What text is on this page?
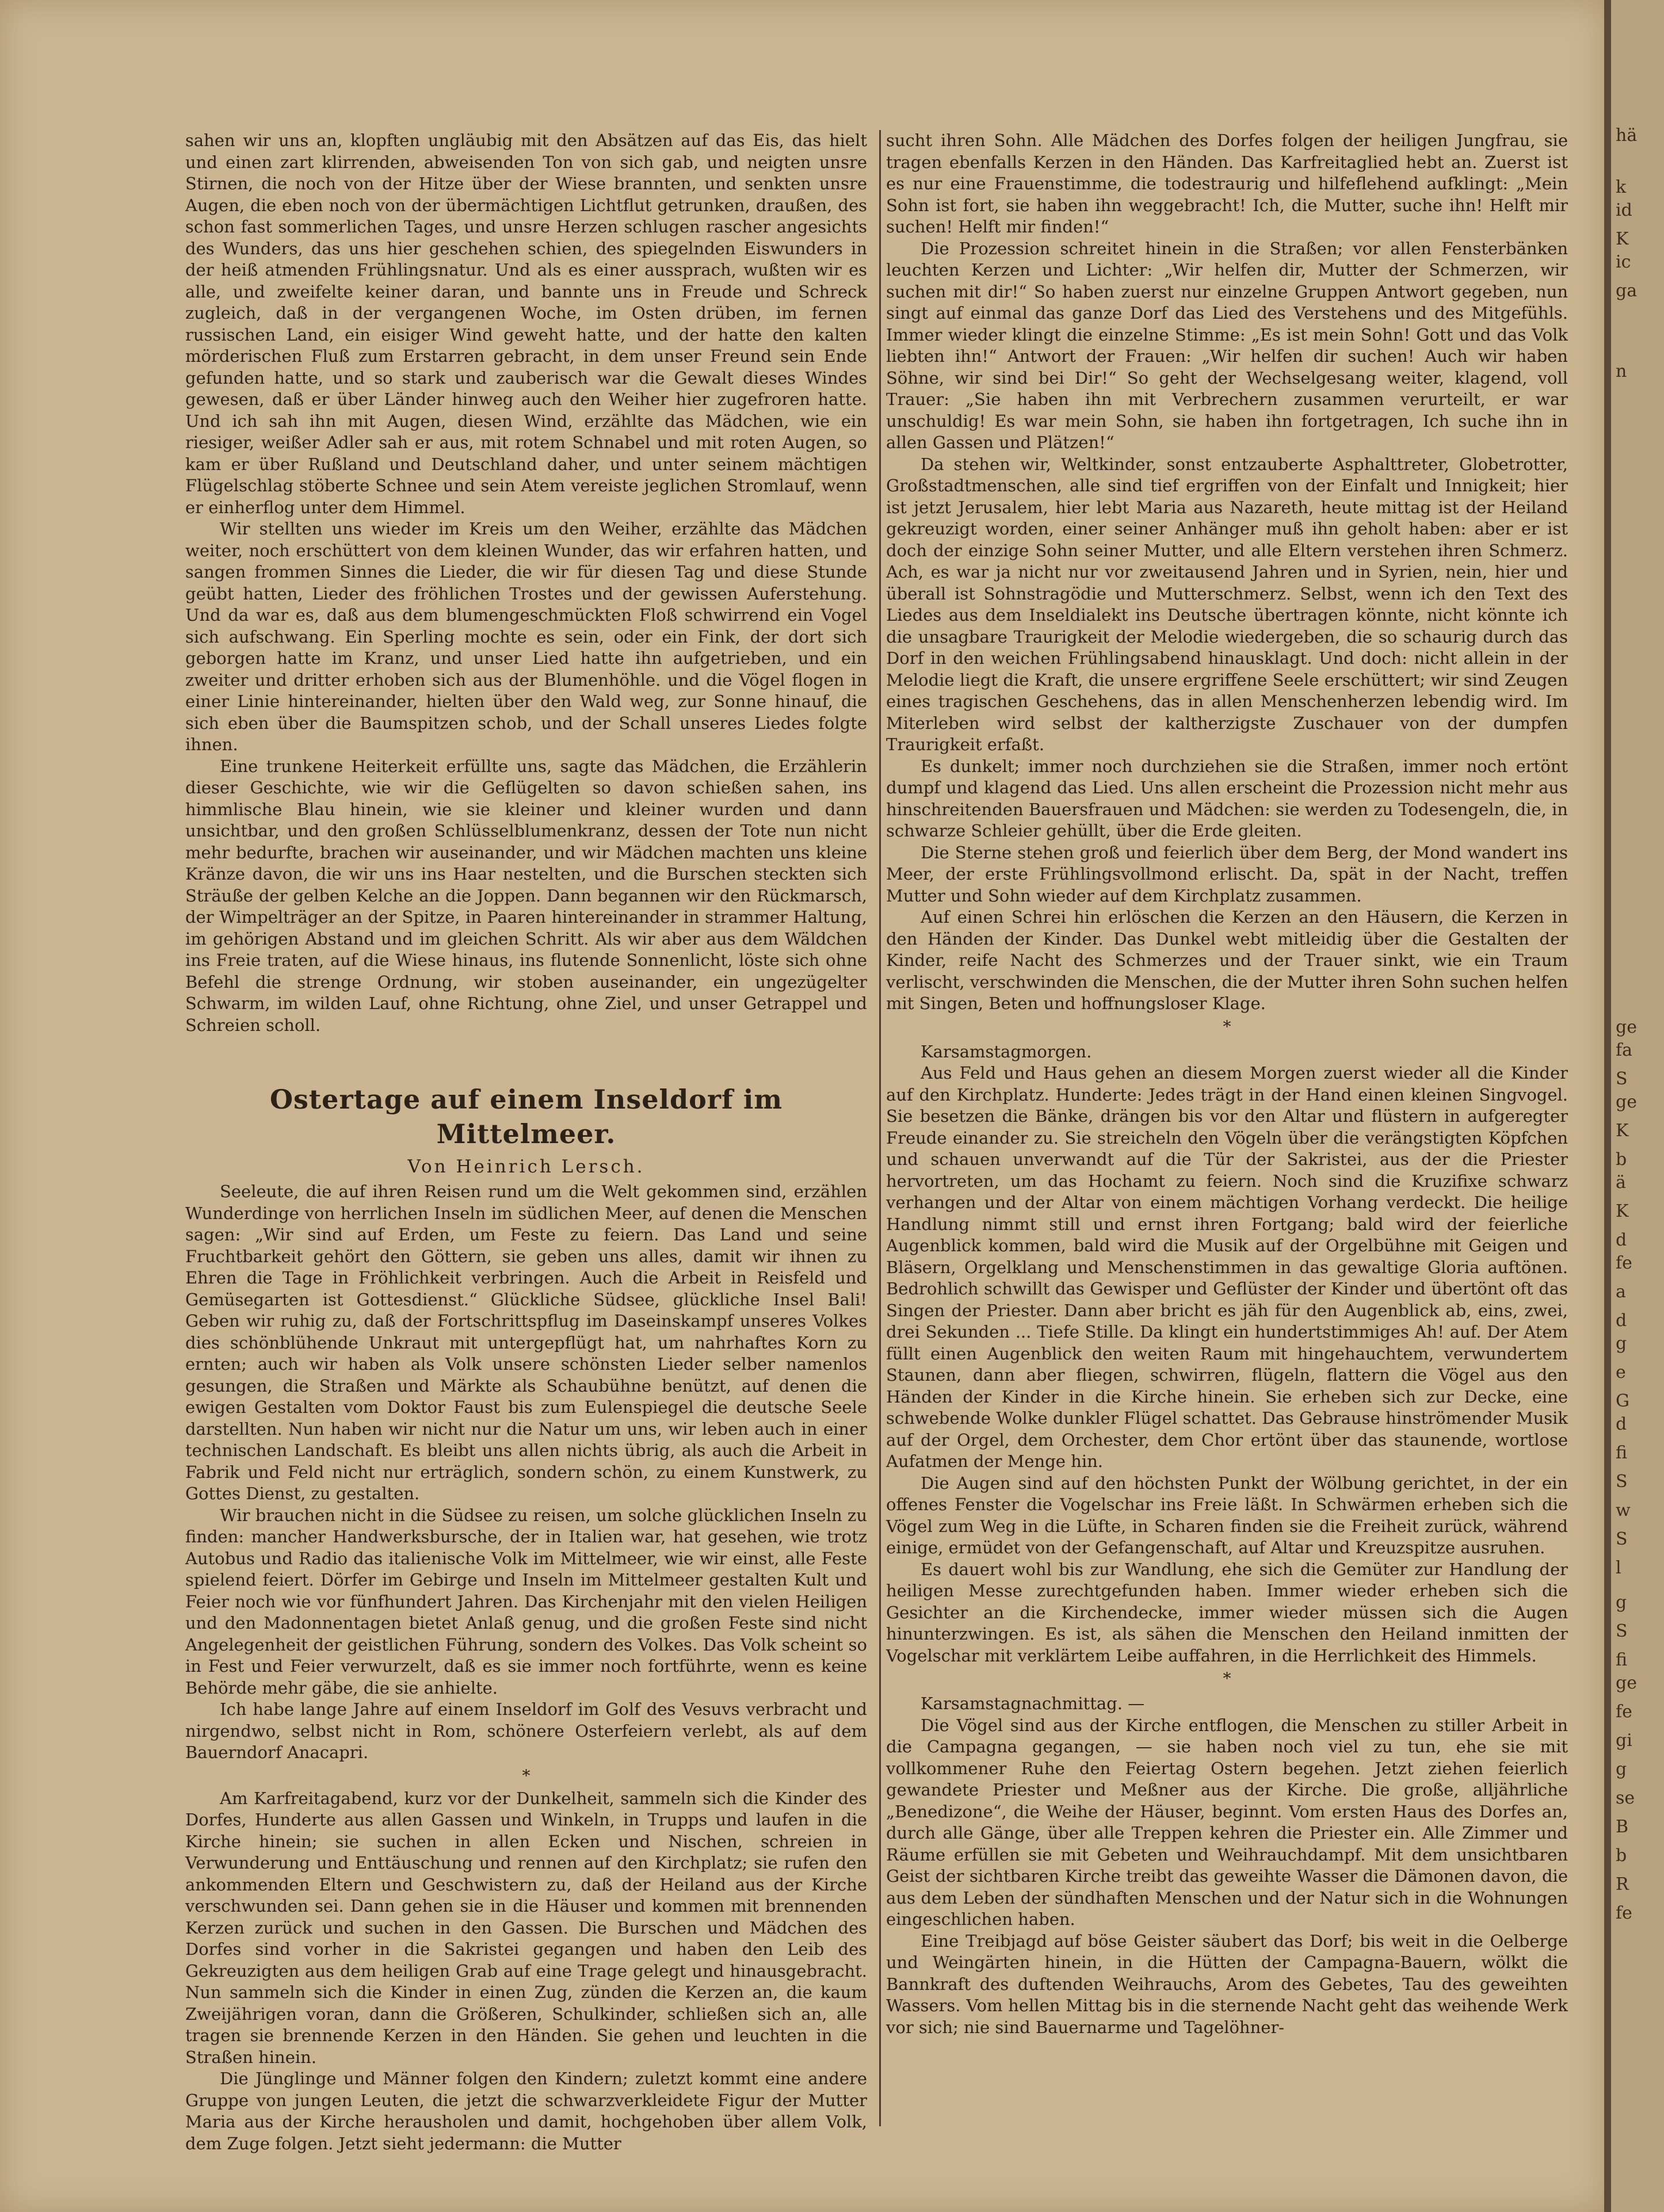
sahen wir uns an, klopften ungläubig mit den Absätzen auf das Eis, das hielt und einen zart klirrenden, abweisenden Ton von sich gab, und neigten unsre Stirnen, die noch von der Hitze über der Wiese brannten, und senkten unsre Augen, die eben noch von der übermächtigen Lichtflut getrunken, draußen, des schon fast sommerlichen Tages, und unsre Herzen schlugen rascher angesichts des Wunders, das uns hier geschehen schien, des spiegelnden Eiswunders in der heiß atmenden Frühlingsnatur. Und als es einer aussprach, wußten wir es alle, und zweifelte keiner daran, und bannte uns in Freude und Schreck zugleich, daß in der vergangenen Woche, im Osten drüben, im fernen russischen Land, ein eisiger Wind geweht hatte, und der hatte den kalten mörderischen Fluß zum Erstarren gebracht, in dem unser Freund sein Ende gefunden hatte, und so stark und zauberisch war die Gewalt dieses Windes gewesen, daß er über Länder hinweg auch den Weiher hier zugefroren hatte. Und ich sah ihn mit Augen, diesen Wind, erzählte das Mädchen, wie ein riesiger, weißer Adler sah er aus, mit rotem Schnabel und mit roten Augen, so kam er über Rußland und Deutschland daher, und unter seinem mächtigen Flügelschlag stöberte Schnee und sein Atem vereiste jeglichen Stromlauf, wenn er einherflog unter dem Himmel.

Wir stellten uns wieder im Kreis um den Weiher, erzählte das Mädchen weiter, noch erschüttert von dem kleinen Wunder, das wir erfahren hatten, und sangen frommen Sinnes die Lieder, die wir für diesen Tag und diese Stunde geübt hatten, Lieder des fröhlichen Trostes und der gewissen Auferstehung. Und da war es, daß aus dem blumengeschmückten Floß schwirrend ein Vogel sich aufschwang. Ein Sperling mochte es sein, oder ein Fink, der dort sich geborgen hatte im Kranz, und unser Lied hatte ihn aufgetrieben, und ein zweiter und dritter erhoben sich aus der Blumenhöhle. und die Vögel flogen in einer Linie hintereinander, hielten über den Wald weg, zur Sonne hinauf, die sich eben über die Baumspitzen schob, und der Schall unseres Liedes folgte ihnen.

Eine trunkene Heiterkeit erfüllte uns, sagte das Mädchen, die Erzählerin dieser Geschichte, wie wir die Geflügelten so davon schießen sahen, ins himmlische Blau hinein, wie sie kleiner und kleiner wurden und dann unsichtbar, und den großen Schlüsselblumenkranz, dessen der Tote nun nicht mehr bedurfte, brachen wir auseinander, und wir Mädchen machten uns kleine Kränze davon, die wir uns ins Haar nestelten, und die Burschen steckten sich Sträuße der gelben Kelche an die Joppen. Dann begannen wir den Rückmarsch, der Wimpelträger an der Spitze, in Paaren hintereinander in strammer Haltung, im gehörigen Abstand und im gleichen Schritt. Als wir aber aus dem Wäldchen ins Freie traten, auf die Wiese hinaus, ins flutende Sonnenlicht, löste sich ohne Befehl die strenge Ordnung, wir stoben auseinander, ein ungezügelter Schwarm, im wilden Lauf, ohne Richtung, ohne Ziel, und unser Getrappel und Schreien scholl.

Ostertage auf einem Inseldorf im Mittelmeer.
Von Heinrich Lersch.

Seeleute, die auf ihren Reisen rund um die Welt gekommen sind, erzählen Wunderdinge von herrlichen Inseln im südlichen Meer, auf denen die Menschen sagen: „Wir sind auf Erden, um Feste zu feiern. Das Land und seine Fruchtbarkeit gehört den Göttern, sie geben uns alles, damit wir ihnen zu Ehren die Tage in Fröhlichkeit verbringen. Auch die Arbeit in Reisfeld und Gemüsegarten ist Gottesdienst.“ Glückliche Südsee, glückliche Insel Bali! Geben wir ruhig zu, daß der Fortschrittspflug im Daseinskampf unseres Volkes dies schönblühende Unkraut mit untergepflügt hat, um nahrhaftes Korn zu ernten; auch wir haben als Volk unsere schönsten Lieder selber namenlos gesungen, die Straßen und Märkte als Schaubühne benützt, auf denen die ewigen Gestalten vom Doktor Faust bis zum Eulenspiegel die deutsche Seele darstellten. Nun haben wir nicht nur die Natur um uns, wir leben auch in einer technischen Landschaft. Es bleibt uns allen nichts übrig, als auch die Arbeit in Fabrik und Feld nicht nur erträglich, sondern schön, zu einem Kunstwerk, zu Gottes Dienst, zu gestalten.

Wir brauchen nicht in die Südsee zu reisen, um solche glücklichen Inseln zu finden: mancher Handwerksbursche, der in Italien war, hat gesehen, wie trotz Autobus und Radio das italienische Volk im Mittelmeer, wie wir einst, alle Feste spielend feiert. Dörfer im Gebirge und Inseln im Mittelmeer gestalten Kult und Feier noch wie vor fünfhundert Jahren. Das Kirchenjahr mit den vielen Heiligen und den Madonnentagen bietet Anlaß genug, und die großen Feste sind nicht Angelegenheit der geistlichen Führung, sondern des Volkes. Das Volk scheint so in Fest und Feier verwurzelt, daß es sie immer noch fortführte, wenn es keine Behörde mehr gäbe, die sie anhielte.

Ich habe lange Jahre auf einem Inseldorf im Golf des Vesuvs verbracht und nirgendwo, selbst nicht in Rom, schönere Osterfeiern verlebt, als auf dem Bauerndorf Anacapri.

*

Am Karfreitagabend, kurz vor der Dunkelheit, sammeln sich die Kinder des Dorfes, Hunderte aus allen Gassen und Winkeln, in Trupps und laufen in die Kirche hinein; sie suchen in allen Ecken und Nischen, schreien in Verwunderung und Enttäuschung und rennen auf den Kirchplatz; sie rufen den ankommenden Eltern und Geschwistern zu, daß der Heiland aus der Kirche verschwunden sei. Dann gehen sie in die Häuser und kommen mit brennenden Kerzen zurück und suchen in den Gassen. Die Burschen und Mädchen des Dorfes sind vorher in die Sakristei gegangen und haben den Leib des Gekreuzigten aus dem heiligen Grab auf eine Trage gelegt und hinausgebracht. Nun sammeln sich die Kinder in einen Zug, zünden die Kerzen an, die kaum Zweijährigen voran, dann die Größeren, Schulkinder, schließen sich an, alle tragen sie brennende Kerzen in den Händen. Sie gehen und leuchten in die Straßen hinein.

Die Jünglinge und Männer folgen den Kindern; zuletzt kommt eine andere Gruppe von jungen Leuten, die jetzt die schwarzverkleidete Figur der Mutter Maria aus der Kirche herausholen und damit, hochgehoben über allem Volk, dem Zuge folgen. Jetzt sieht jedermann: die Mutter

sucht ihren Sohn. Alle Mädchen des Dorfes folgen der heiligen Jungfrau, sie tragen ebenfalls Kerzen in den Händen. Das Karfreitaglied hebt an. Zuerst ist es nur eine Frauenstimme, die todestraurig und hilfeflehend aufklingt: „Mein Sohn ist fort, sie haben ihn weggebracht! Ich, die Mutter, suche ihn! Helft mir suchen! Helft mir finden!“

Die Prozession schreitet hinein in die Straßen; vor allen Fensterbänken leuchten Kerzen und Lichter: „Wir helfen dir, Mutter der Schmerzen, wir suchen mit dir!“ So haben zuerst nur einzelne Gruppen Antwort gegeben, nun singt auf einmal das ganze Dorf das Lied des Verstehens und des Mitgefühls. Immer wieder klingt die einzelne Stimme: „Es ist mein Sohn! Gott und das Volk liebten ihn!“ Antwort der Frauen: „Wir helfen dir suchen! Auch wir haben Söhne, wir sind bei Dir!“ So geht der Wechselgesang weiter, klagend, voll Trauer: „Sie haben ihn mit Verbrechern zusammen verurteilt, er war unschuldig! Es war mein Sohn, sie haben ihn fortgetragen, Ich suche ihn in allen Gassen und Plätzen!“

Da stehen wir, Weltkinder, sonst entzauberte Asphalttreter, Globetrotter, Großstadtmenschen, alle sind tief ergriffen von der Einfalt und Innigkeit; hier ist jetzt Jerusalem, hier lebt Maria aus Nazareth, heute mittag ist der Heiland gekreuzigt worden, einer seiner Anhänger muß ihn geholt haben: aber er ist doch der einzige Sohn seiner Mutter, und alle Eltern verstehen ihren Schmerz. Ach, es war ja nicht nur vor zweitausend Jahren und in Syrien, nein, hier und überall ist Sohnstragödie und Mutterschmerz. Selbst, wenn ich den Text des Liedes aus dem Inseldialekt ins Deutsche übertragen könnte, nicht könnte ich die unsagbare Traurigkeit der Melodie wiedergeben, die so schaurig durch das Dorf in den weichen Frühlingsabend hinausklagt. Und doch: nicht allein in der Melodie liegt die Kraft, die unsere ergriffene Seele erschüttert; wir sind Zeugen eines tragischen Geschehens, das in allen Menschenherzen lebendig wird. Im Miterleben wird selbst der kaltherzigste Zuschauer von der dumpfen Traurigkeit erfaßt.

Es dunkelt; immer noch durchziehen sie die Straßen, immer noch ertönt dumpf und klagend das Lied. Uns allen erscheint die Prozession nicht mehr aus hinschreitenden Bauersfrauen und Mädchen: sie werden zu Todesengeln, die, in schwarze Schleier gehüllt, über die Erde gleiten.

Die Sterne stehen groß und feierlich über dem Berg, der Mond wandert ins Meer, der erste Frühlingsvollmond erlischt. Da, spät in der Nacht, treffen Mutter und Sohn wieder auf dem Kirchplatz zusammen.

Auf einen Schrei hin erlöschen die Kerzen an den Häusern, die Kerzen in den Händen der Kinder. Das Dunkel webt mitleidig über die Gestalten der Kinder, reife Nacht des Schmerzes und der Trauer sinkt, wie ein Traum verlischt, verschwinden die Menschen, die der Mutter ihren Sohn suchen helfen mit Singen, Beten und hoffnungsloser Klage.

*

Karsamstagmorgen.

Aus Feld und Haus gehen an diesem Morgen zuerst wieder all die Kinder auf den Kirchplatz. Hunderte: Jedes trägt in der Hand einen kleinen Singvogel. Sie besetzen die Bänke, drängen bis vor den Altar und flüstern in aufgeregter Freude einander zu. Sie streicheln den Vögeln über die verängstigten Köpfchen und schauen unverwandt auf die Tür der Sakristei, aus der die Priester hervortreten, um das Hochamt zu feiern. Noch sind die Kruzifixe schwarz verhangen und der Altar von einem mächtigen Vorhang verdeckt. Die heilige Handlung nimmt still und ernst ihren Fortgang; bald wird der feierliche Augenblick kommen, bald wird die Musik auf der Orgelbühne mit Geigen und Bläsern, Orgelklang und Menschenstimmen in das gewaltige Gloria auftönen. Bedrohlich schwillt das Gewisper und Geflüster der Kinder und übertönt oft das Singen der Priester. Dann aber bricht es jäh für den Augenblick ab, eins, zwei, drei Sekunden ... Tiefe Stille. Da klingt ein hundertstimmiges Ah! auf. Der Atem füllt einen Augenblick den weiten Raum mit hingehauchtem, verwundertem Staunen, dann aber fliegen, schwirren, flügeln, flattern die Vögel aus den Händen der Kinder in die Kirche hinein. Sie erheben sich zur Decke, eine schwebende Wolke dunkler Flügel schattet. Das Gebrause hinströmender Musik auf der Orgel, dem Orchester, dem Chor ertönt über das staunende, wortlose Aufatmen der Menge hin.

Die Augen sind auf den höchsten Punkt der Wölbung gerichtet, in der ein offenes Fenster die Vogelschar ins Freie läßt. In Schwärmen erheben sich die Vögel zum Weg in die Lüfte, in Scharen finden sie die Freiheit zurück, während einige, ermüdet von der Gefangenschaft, auf Altar und Kreuzspitze ausruhen.

Es dauert wohl bis zur Wandlung, ehe sich die Gemüter zur Handlung der heiligen Messe zurechtgefunden haben. Immer wieder erheben sich die Gesichter an die Kirchendecke, immer wieder müssen sich die Augen hinunterzwingen. Es ist, als sähen die Menschen den Heiland inmitten der Vogelschar mit verklärtem Leibe auffahren, in die Herrlichkeit des Himmels.

*

Karsamstagnachmittag. —

Die Vögel sind aus der Kirche entflogen, die Menschen zu stiller Arbeit in die Campagna gegangen, — sie haben noch viel zu tun, ehe sie mit vollkommener Ruhe den Feiertag Ostern begehen. Jetzt ziehen feierlich gewandete Priester und Meßner aus der Kirche. Die große, alljährliche „Benedizone“, die Weihe der Häuser, beginnt. Vom ersten Haus des Dorfes an, durch alle Gänge, über alle Treppen kehren die Priester ein. Alle Zimmer und Räume erfüllen sie mit Gebeten und Weihrauchdampf. Mit dem unsichtbaren Geist der sichtbaren Kirche treibt das geweihte Wasser die Dämonen davon, die aus dem Leben der sündhaften Menschen und der Natur sich in die Wohnungen eingeschlichen haben.

Eine Treibjagd auf böse Geister säubert das Dorf; bis weit in die Oelberge und Weingärten hinein, in die Hütten der Campagna-Bauern, wölkt die Bannkraft des duftenden Weihrauchs, Arom des Gebetes, Tau des geweihten Wassers. Vom hellen Mittag bis in die sternende Nacht geht das weihende Werk vor sich; nie sind Bauernarme und Tagelöhner-

hä
k
id
K
ic
ga
n
ge
fa
S
ge
K
b
ä
K
d
fe
a
d
g
e
G
d
fi
S
w
S
l
g
S
fi
ge
fe
gi
g
se
B
b
R
fe
